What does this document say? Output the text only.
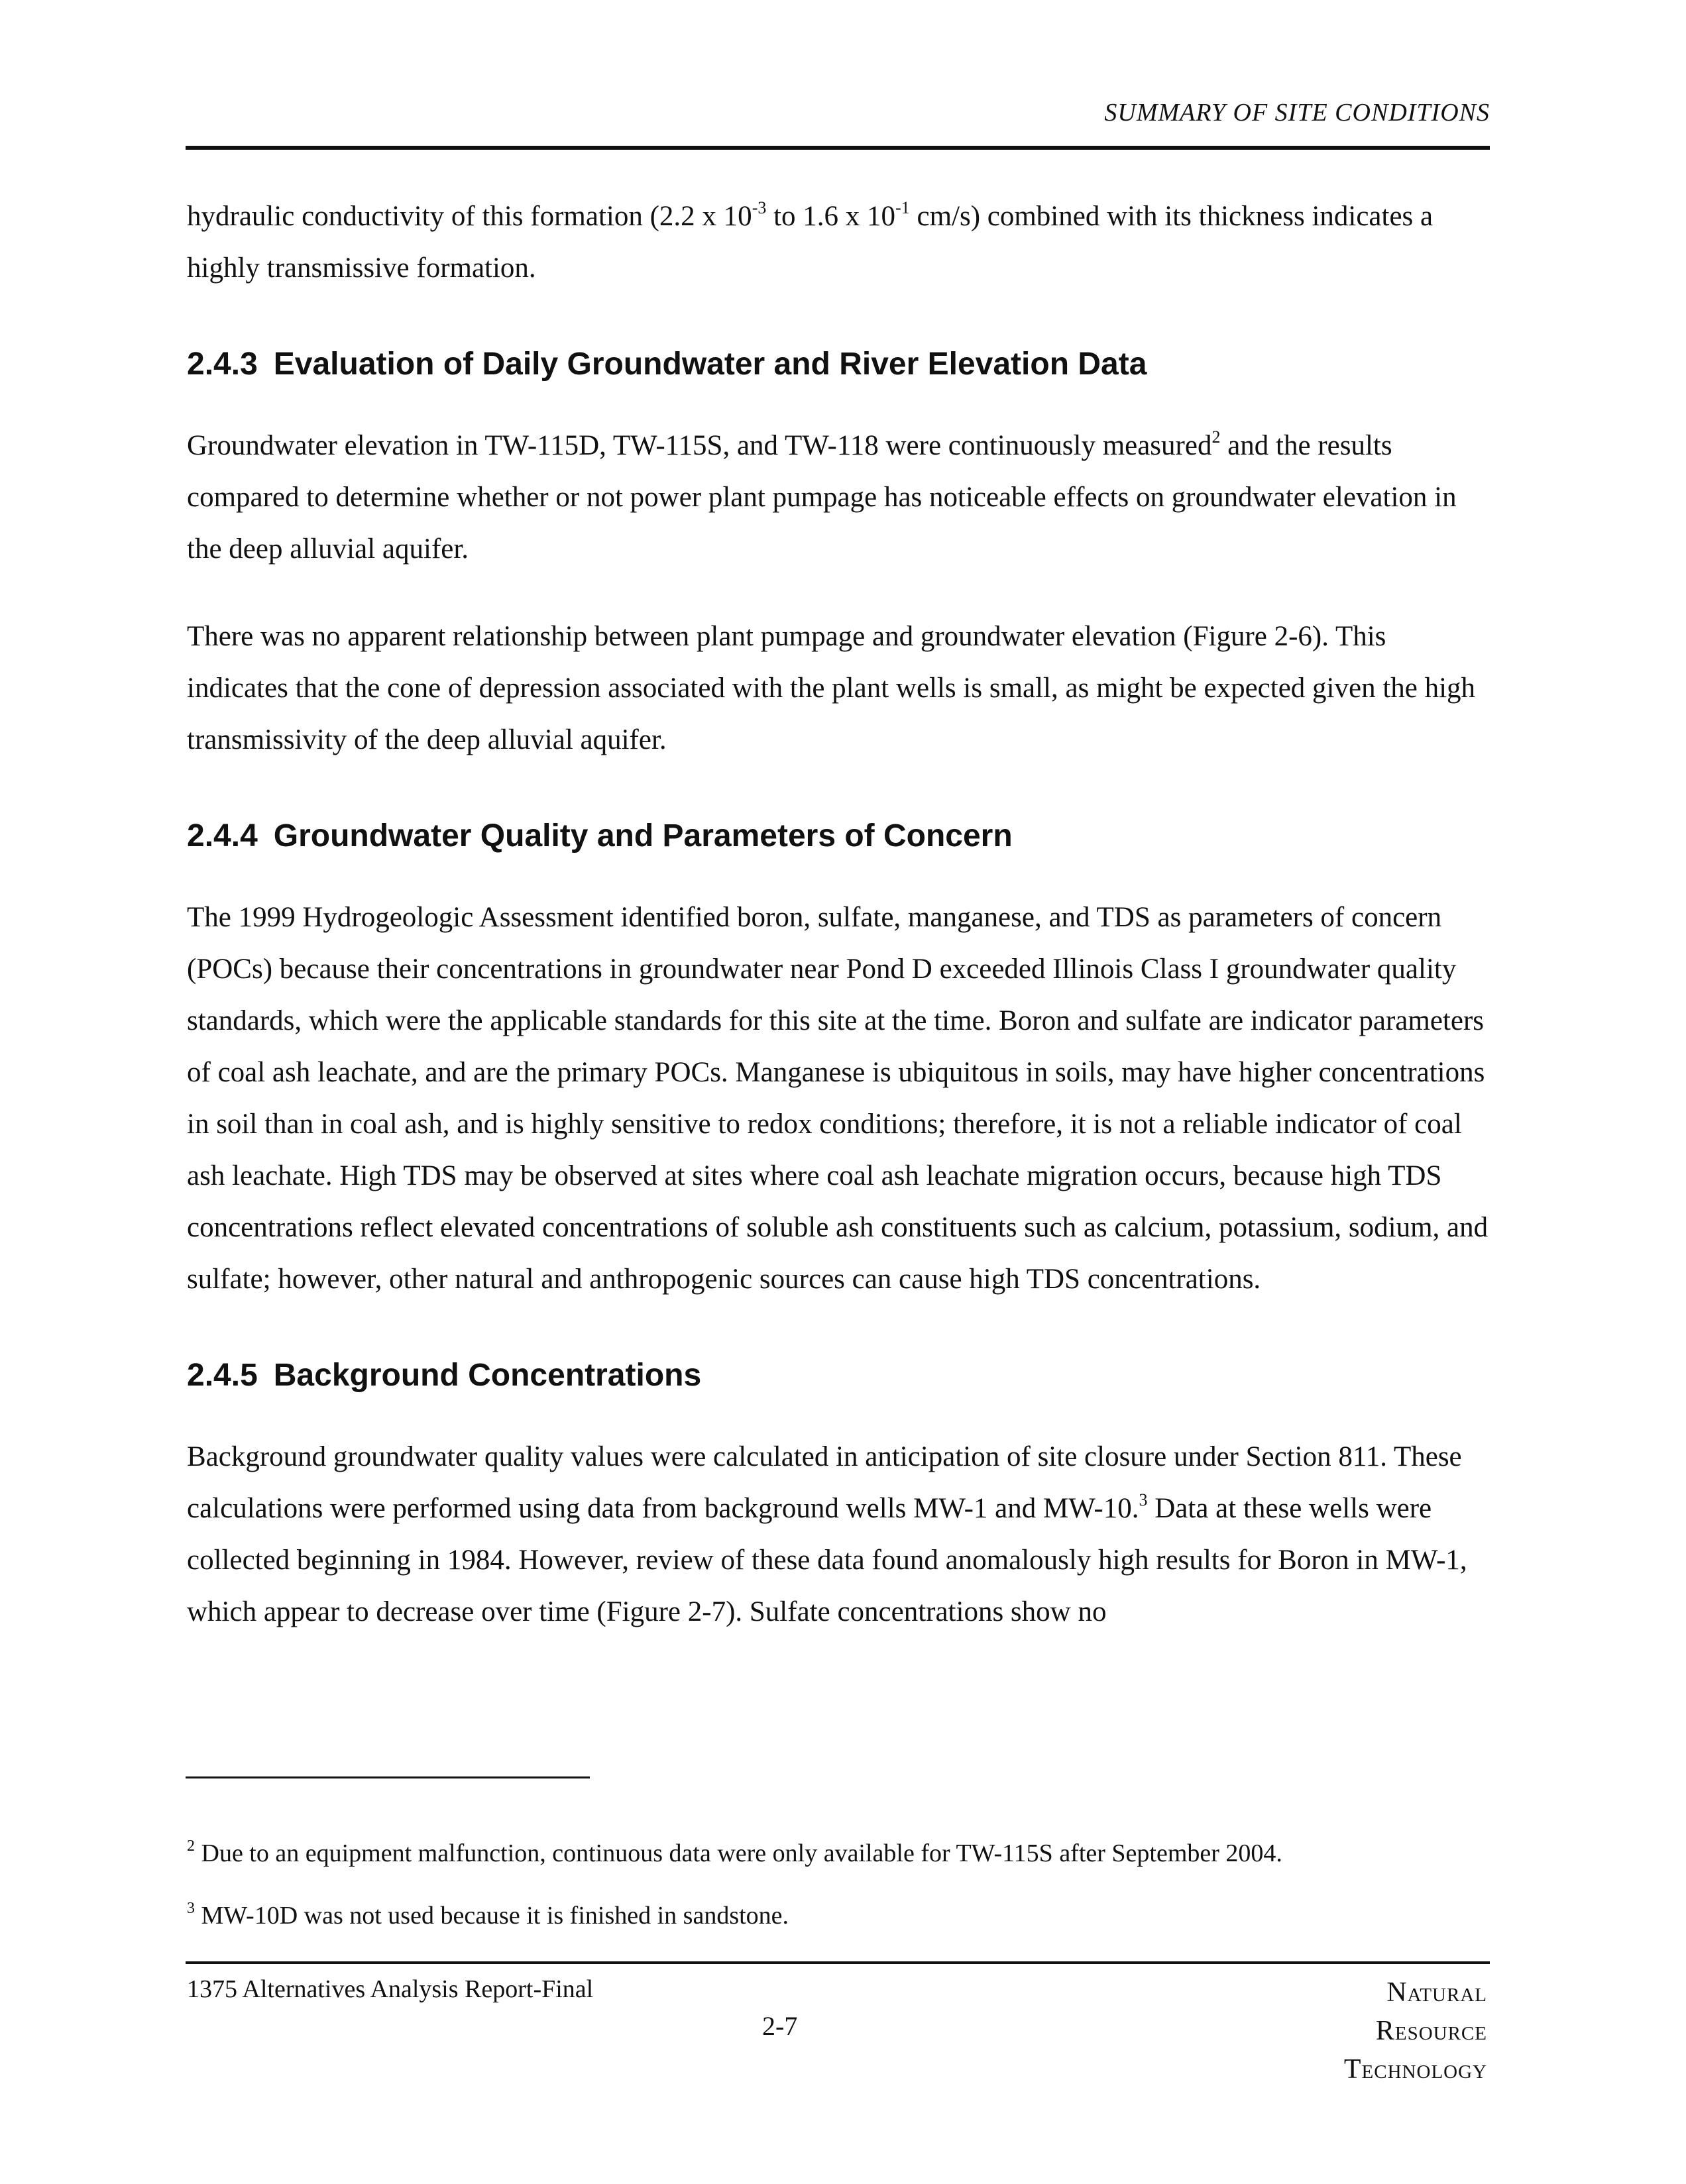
SUMMARY OF SITE CONDITIONS

hydraulic conductivity of this formation (2.2 x $10^{-3}$ to 1.6 x $10^{-1}$ cm/s) combined with its thickness indicates a highly transmissive formation.

2.4.3 Evaluation of Daily Groundwater and River Elevation Data

Groundwater elevation in TW-115D, TW-115S, and TW-118 were continuously measured$^2$ and the results compared to determine whether or not power plant pumpage has noticeable effects on groundwater elevation in the deep alluvial aquifer.

There was no apparent relationship between plant pumpage and groundwater elevation (Figure 2-6). This indicates that the cone of depression associated with the plant wells is small, as might be expected given the high transmissivity of the deep alluvial aquifer.

2.4.4 Groundwater Quality and Parameters of Concern

The 1999 Hydrogeologic Assessment identified boron, sulfate, manganese, and TDS as parameters of concern (POCs) because their concentrations in groundwater near Pond D exceeded Illinois Class I groundwater quality standards, which were the applicable standards for this site at the time. Boron and sulfate are indicator parameters of coal ash leachate, and are the primary POCs. Manganese is ubiquitous in soils, may have higher concentrations in soil than in coal ash, and is highly sensitive to redox conditions; therefore, it is not a reliable indicator of coal ash leachate. High TDS may be observed at sites where coal ash leachate migration occurs, because high TDS concentrations reflect elevated concentrations of soluble ash constituents such as calcium, potassium, sodium, and sulfate; however, other natural and anthropogenic sources can cause high TDS concentrations.

2.4.5 Background Concentrations

Background groundwater quality values were calculated in anticipation of site closure under Section 811. These calculations were performed using data from background wells MW-1 and MW-10.$^3$ Data at these wells were collected beginning in 1984. However, review of these data found anomalously high results for Boron in MW-1, which appear to decrease over time (Figure 2-7). Sulfate concentrations show no

$^2$ Due to an equipment malfunction, continuous data were only available for TW-115S after September 2004.
$^3$ MW-10D was not used because it is finished in sandstone.
1375 Alternatives Analysis Report-Final
2-7
Natural
Resource
Technology
